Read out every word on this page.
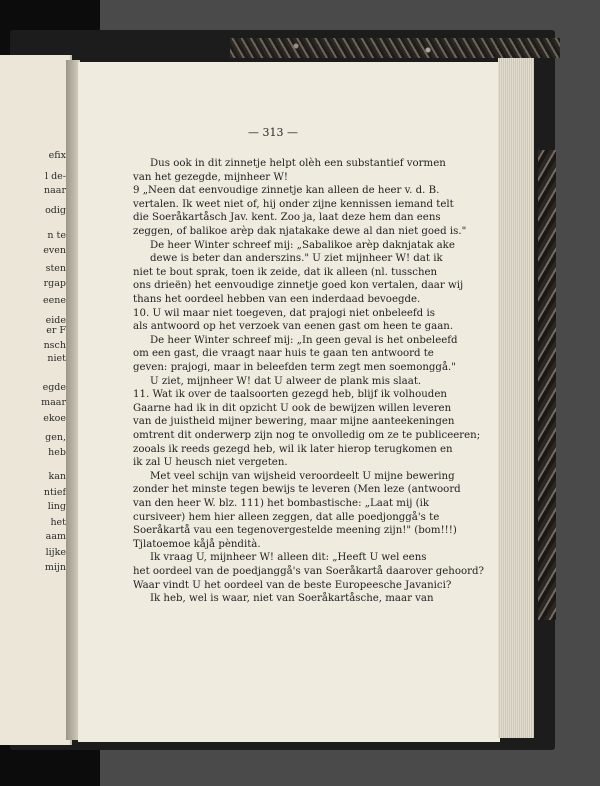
efix
l de-
naar
odig
n te
even
sten
rgap
eene
eide
er F
nsch
niet
egde
maar
ekoe
gen,
heb
kan
ntief
ling
het
aam
lijke
mijn
— 313 —
Dus ook in dit zinnetje helpt olèh een substantief vormen
van het gezegde, mijnheer W!
9 „Neen dat eenvoudige zinnetje kan alleen de heer v. d. B.
vertalen. Ik weet niet of, hij onder zijne kennissen iemand telt
die Soeråkartåsch Jav. kent. Zoo ja, laat deze hem dan eens
zeggen, of balikoe arèp dak njatakake dewe al dan niet goed is."
De heer Winter schreef mij: „Sabalikoe arèp daknjatak ake
dewe is beter dan anderszins." U ziet mijnheer W! dat ik
niet te bout sprak, toen ik zeide, dat ik alleen (nl. tusschen
ons drieën) het eenvoudige zinnetje goed kon vertalen, daar wij
thans het oordeel hebben van een inderdaad bevoegde.
10. U wil maar niet toegeven, dat prajogi niet onbeleefd is
als antwoord op het verzoek van eenen gast om heen te gaan.
De heer Winter schreef mij: „In geen geval is het onbeleefd
om een gast, die vraagt naar huis te gaan ten antwoord te
geven: prajogi, maar in beleefden term zegt men soemonggå."
U ziet, mijnheer W! dat U alweer de plank mis slaat.
11. Wat ik over de taalsoorten gezegd heb, blijf ik volhouden
Gaarne had ik in dit opzicht U ook de bewijzen willen leveren
van de juistheid mijner bewering, maar mijne aanteekeningen
omtrent dit onderwerp zijn nog te onvolledig om ze te publiceeren;
zooals ik reeds gezegd heb, wil ik later hierop terugkomen en
ik zal U heusch niet vergeten.
Met veel schijn van wijsheid veroordeelt U mijne bewering
zonder het minste tegen bewijs te leveren (Men leze (antwoord
van den heer W. blz. 111) het bombastische: „Laat mij (ik
cursiveer) hem hier alleen zeggen, dat alle poedjonggå's te
Soeråkartå vau een tegenovergestelde meening zijn!" (bom!!!)
Tjlatoemoe kåjå pèndità.
Ik vraag U, mijnheer W! alleen dit: „Heeft U wel eens
het oordeel van de poedjanggå's van Soeråkartå daarover gehoord?
Waar vindt U het oordeel van de beste Europeesche Javanici?
Ik heb, wel is waar, niet van Soeråkartåsche, maar van
